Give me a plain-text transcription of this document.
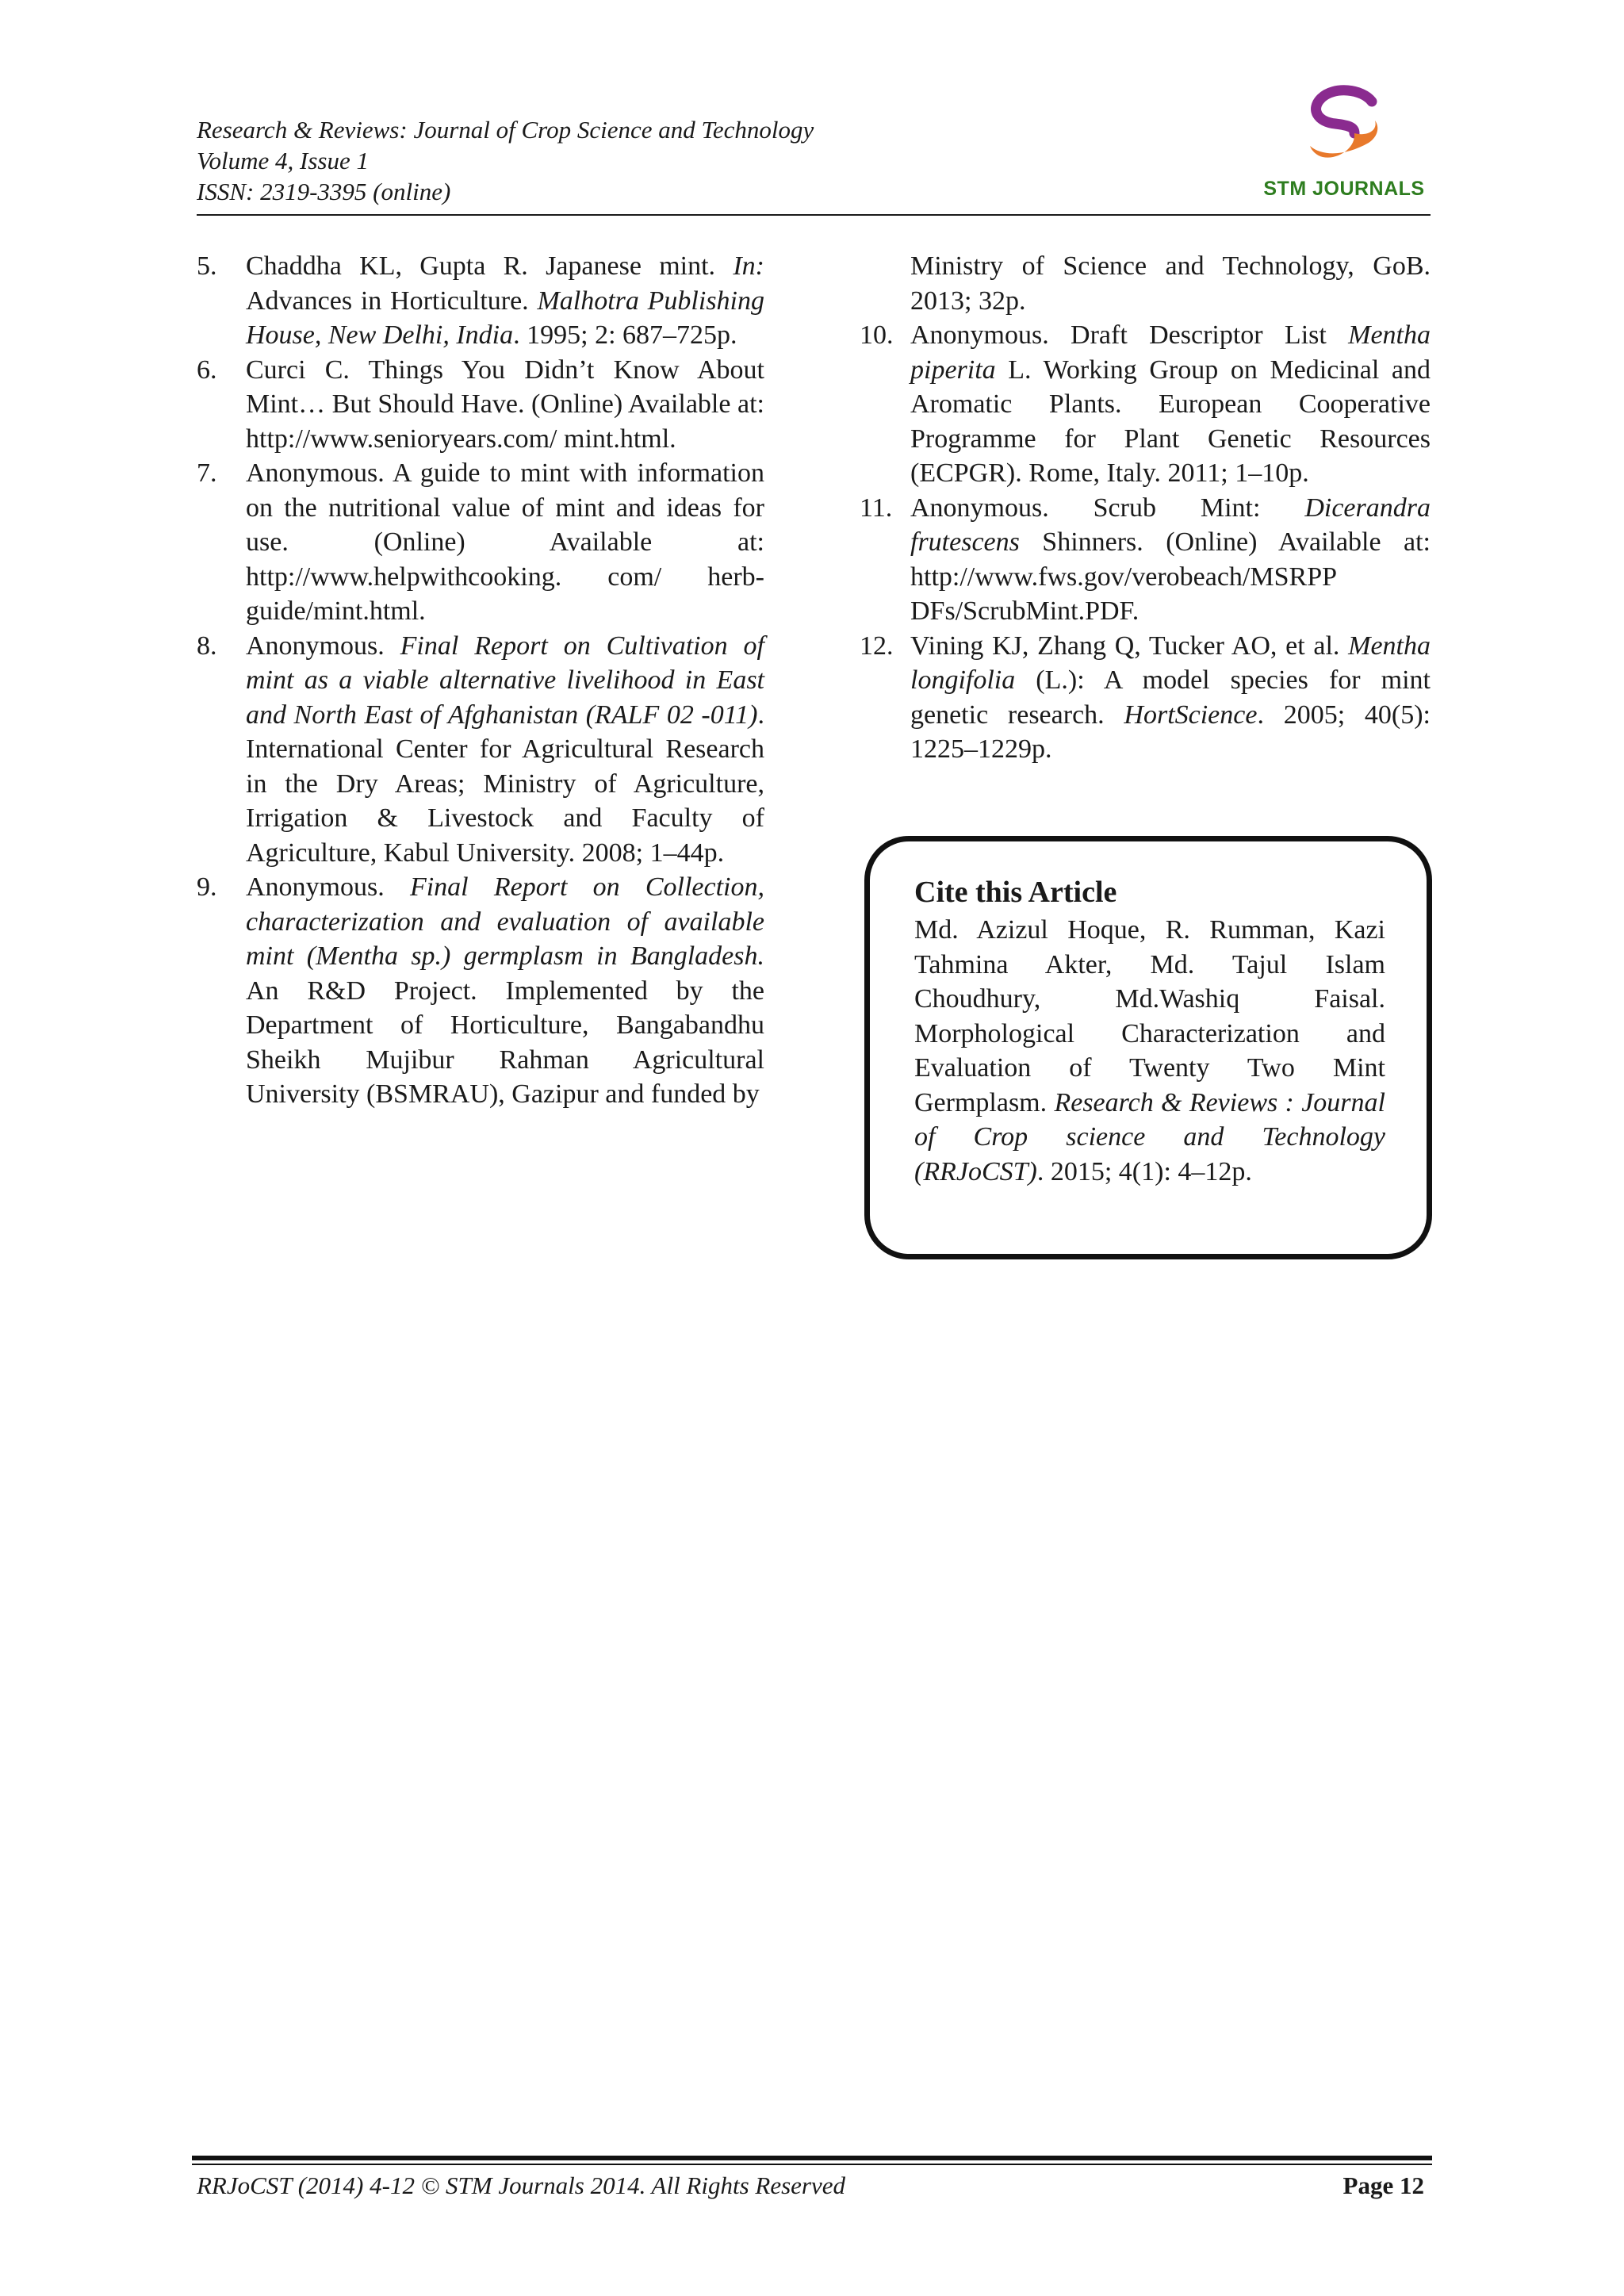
Research & Reviews: Journal of Crop Science and Technology
Volume 4, Issue 1
ISSN: 2319-3395 (online)	STM JOURNALS

5. Chaddha KL, Gupta R. Japanese mint. In: Advances in Horticulture. Malhotra Publishing House, New Delhi, India. 1995; 2: 687–725p.

6. Curci C. Things You Didn’t Know About Mint… But Should Have. (Online) Available at: http://www.senioryears.com/ mint.html.

7. Anonymous. A guide to mint with information on the nutritional value of mint and ideas for use. (Online) Available at: http://www.helpwithcooking. com/ herb-guide/mint.html.

8. Anonymous. Final Report on Cultivation of mint as a viable alternative livelihood in East and North East of Afghanistan (RALF 02 -011). International Center for Agricultural Research in the Dry Areas; Ministry of Agriculture, Irrigation & Livestock and Faculty of Agriculture, Kabul University. 2008; 1–44p.

9. Anonymous. Final Report on Collection, characterization and evaluation of available mint (Mentha sp.) germplasm in Bangladesh. An R&D Project. Implemented by the Department of Horticulture, Bangabandhu Sheikh Mujibur Rahman Agricultural University (BSMRAU), Gazipur and funded by

Ministry of Science and Technology, GoB. 2013; 32p.

10. Anonymous. Draft Descriptor List Mentha piperita L. Working Group on Medicinal and Aromatic Plants. European Cooperative Programme for Plant Genetic Resources (ECPGR). Rome, Italy. 2011; 1–10p.

11. Anonymous. Scrub Mint: Dicerandra frutescens Shinners. (Online) Available at: http://www.fws.gov/verobeach/MSRPP DFs/ScrubMint.PDF.

12. Vining KJ, Zhang Q, Tucker AO, et al. Mentha longifolia (L.): A model species for mint genetic research. HortScience. 2005; 40(5): 1225–1229p.

Cite this Article

Md. Azizul Hoque, R. Rumman, Kazi Tahmina Akter, Md. Tajul Islam Choudhury, Md.Washiq Faisal. Morphological Characterization and Evaluation of Twenty Two Mint Germplasm. Research & Reviews : Journal of Crop science and Technology (RRJoCST). 2015; 4(1): 4–12p.

RRJoCST (2014) 4-12 © STM Journals 2014. All Rights Reserved	Page 12
